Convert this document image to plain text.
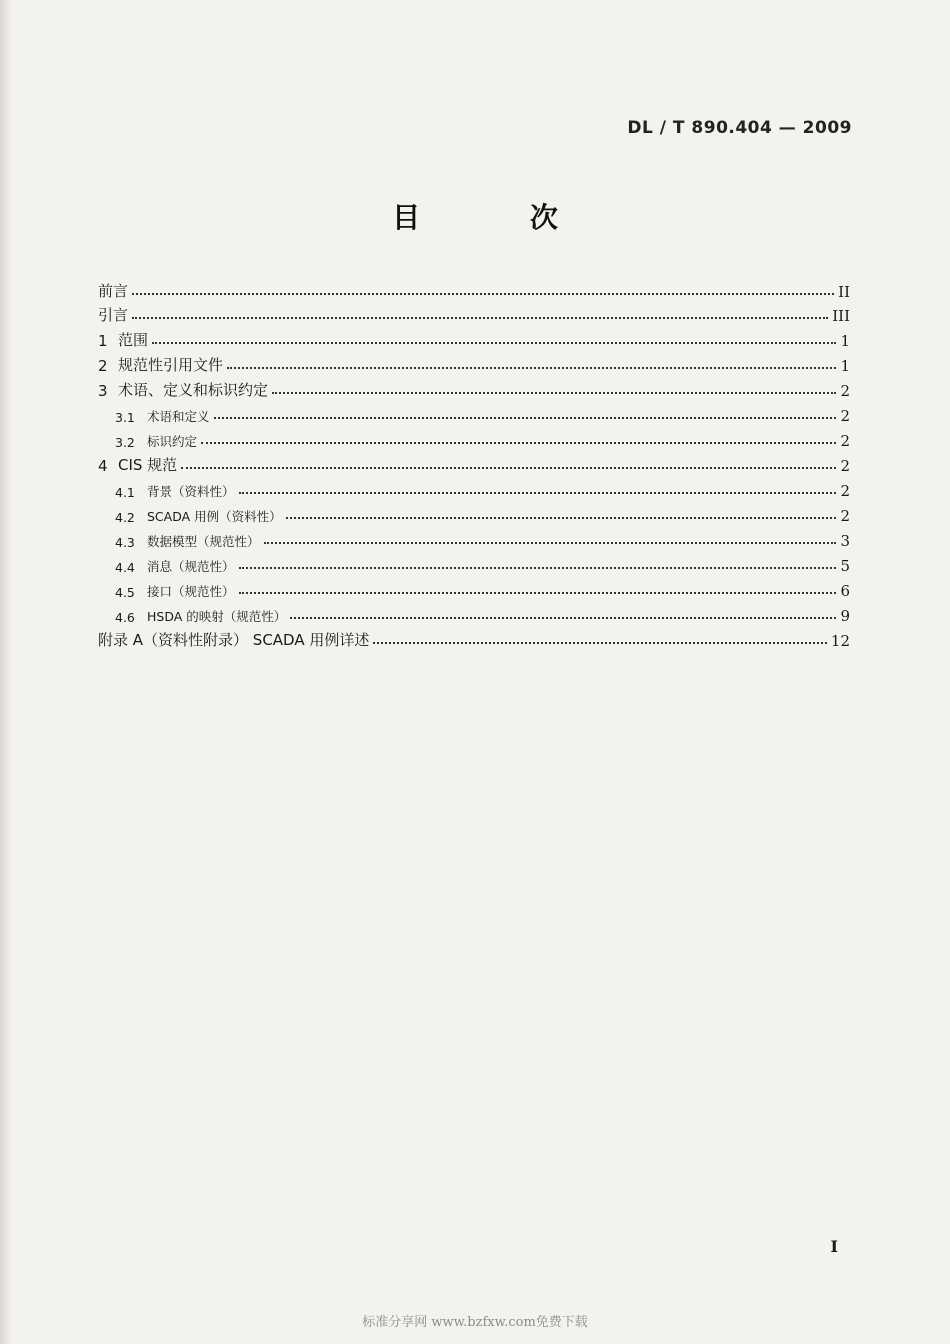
DL / T 890.404 — 2009
目 次
前言	II
引言	III
1 范围	1
2 规范性引用文件	1
3 术语、定义和标识约定	2
3.1 术语和定义	2
3.2 标识约定	2
4 CIS 规范	2
4.1 背景（资料性）	2
4.2 SCADA 用例（资料性）	2
4.3 数据模型（规范性）	3
4.4 消息（规范性）	5
4.5 接口（规范性）	6
4.6 HSDA 的映射（规范性）	9
附录 A（资料性附录） SCADA 用例详述	12
I
标准分享网 www.bzfxw.com免费下载
